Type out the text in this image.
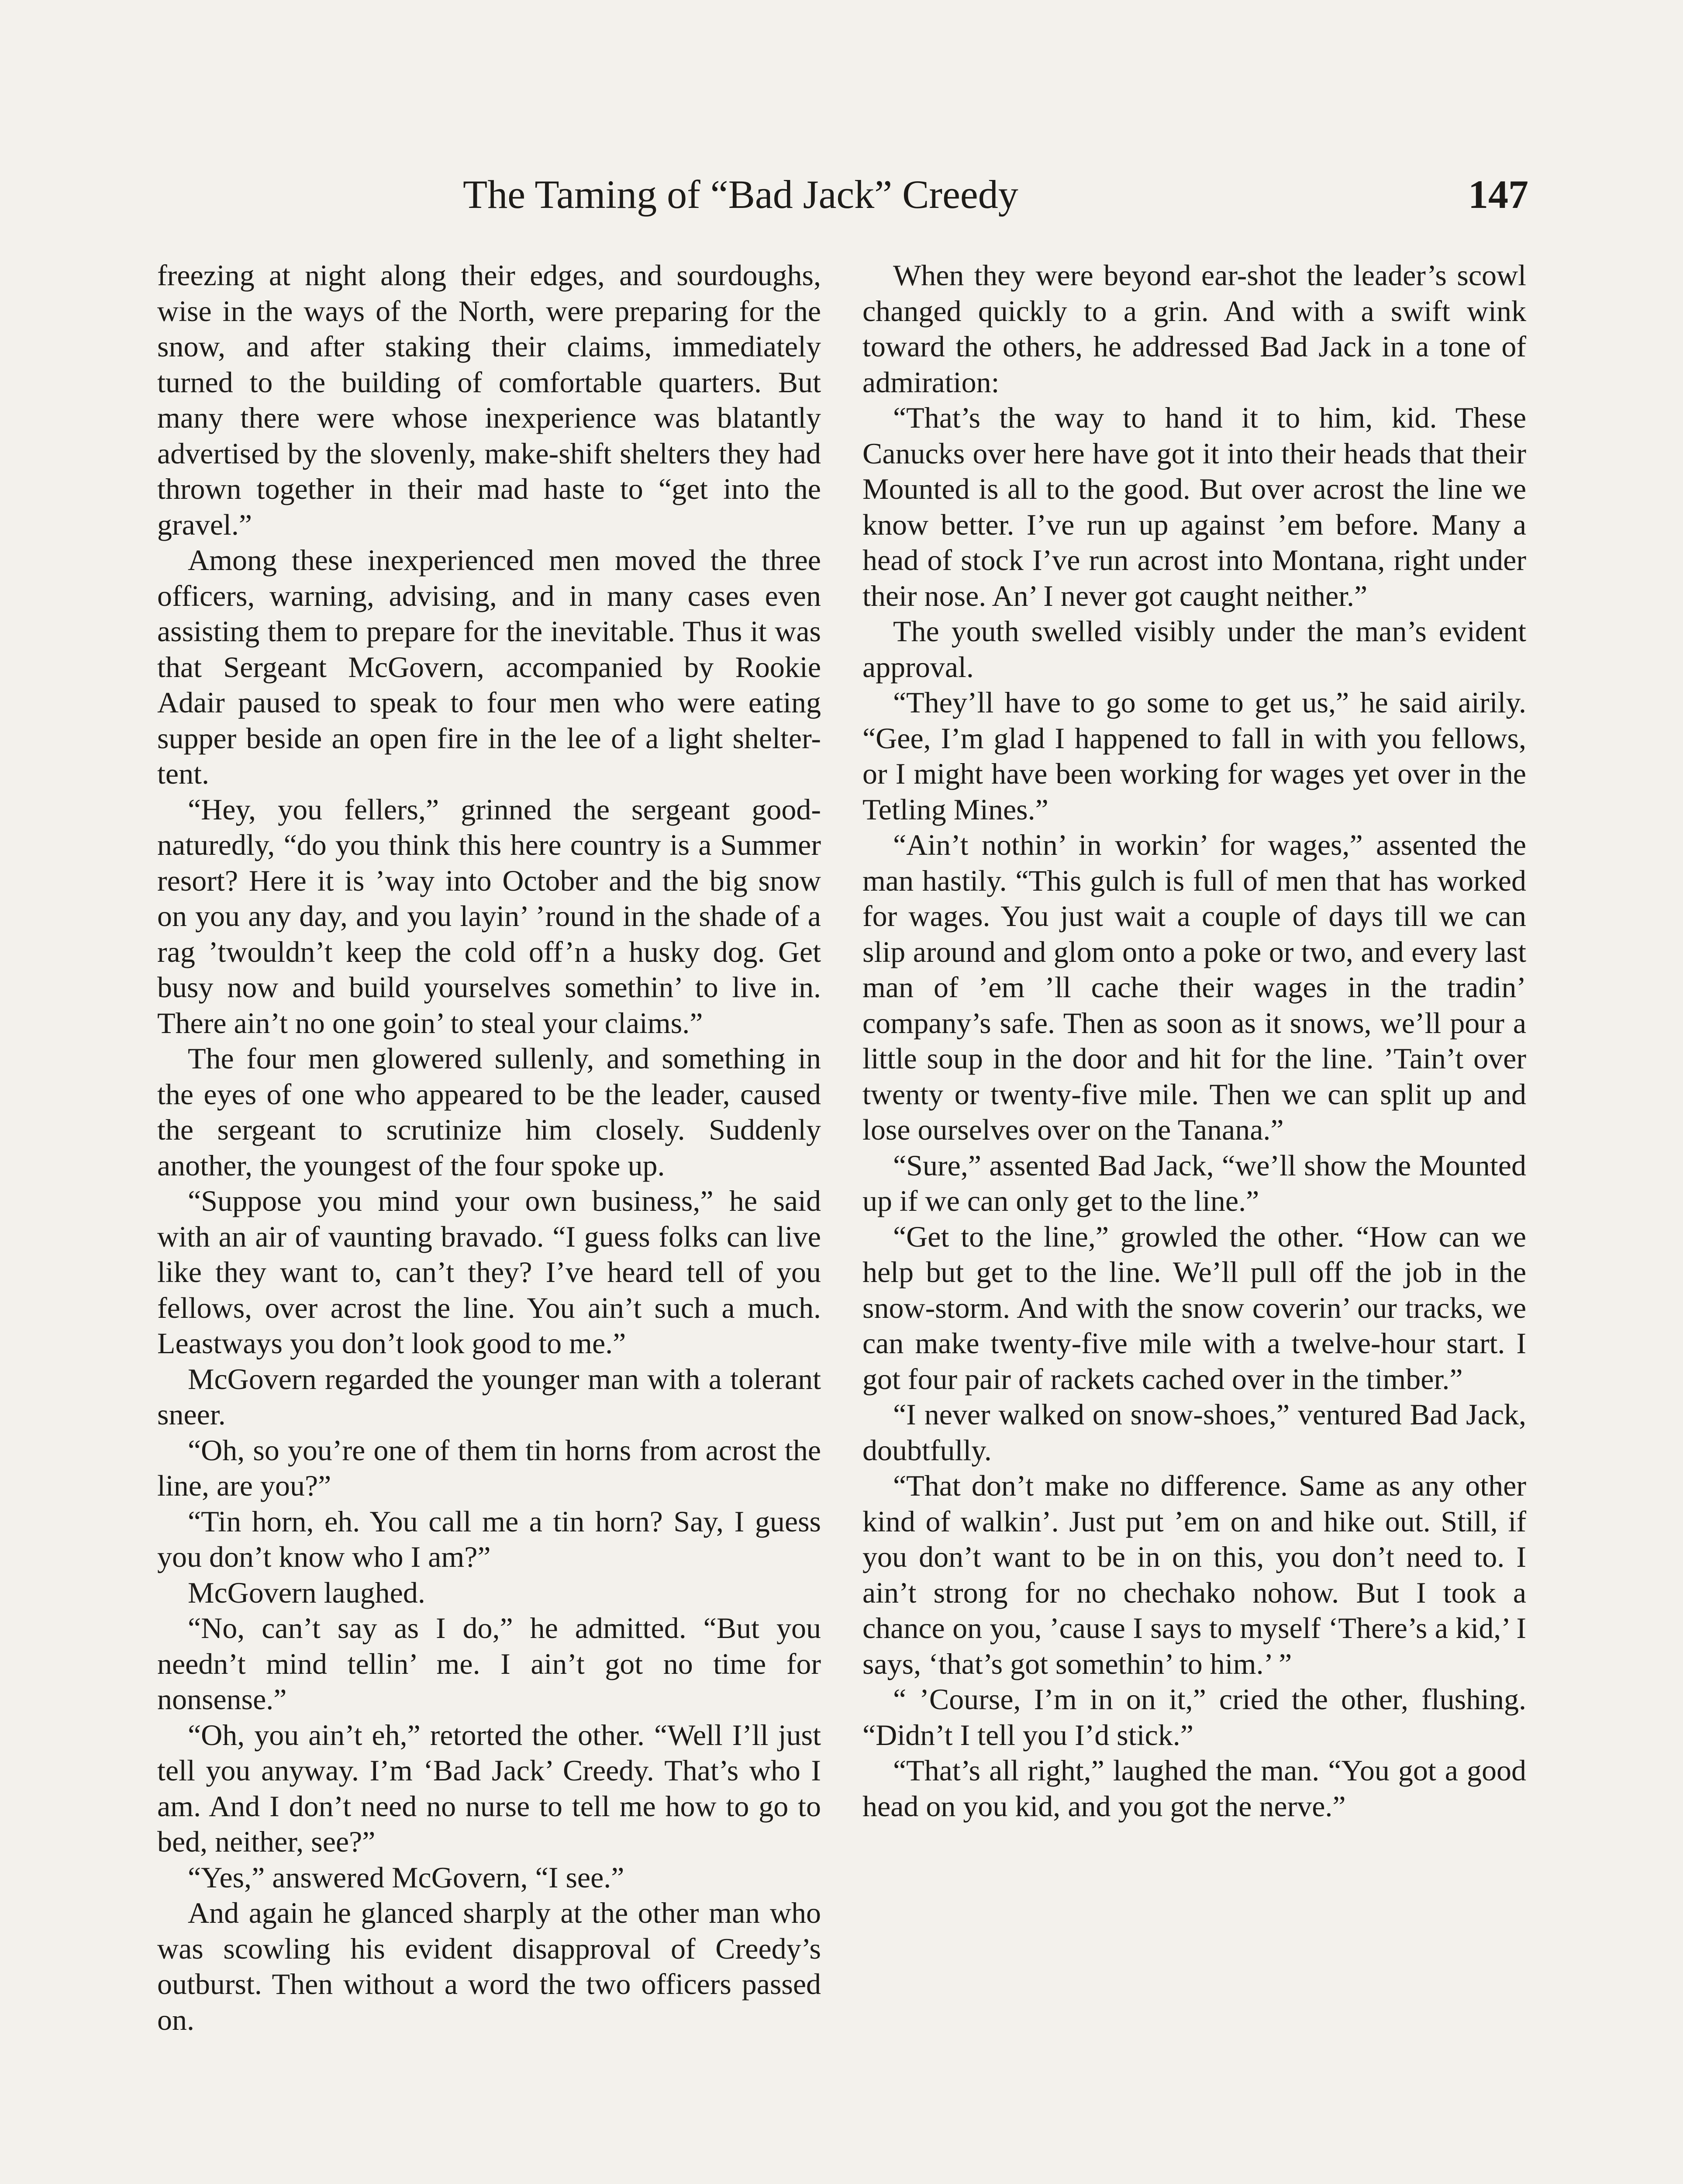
The Taming of “Bad Jack” Creedy	147

freezing at night along their edges, and sourdoughs, wise in the ways of the North, were preparing for the snow, and after staking their claims, immediately turned to the building of comfortable quarters. But many there were whose inexperience was blatantly advertised by the slovenly, make-shift shelters they had thrown together in their mad haste to “get into the gravel.”

Among these inexperienced men moved the three officers, warning, advising, and in many cases even assisting them to prepare for the inevitable. Thus it was that Sergeant McGovern, accompanied by Rookie Adair paused to speak to four men who were eating supper beside an open fire in the lee of a light shelter-tent.

“Hey, you fellers,” grinned the sergeant good-naturedly, “do you think this here country is a Summer resort? Here it is ’way into October and the big snow on you any day, and you layin’ ’round in the shade of a rag ’twouldn’t keep the cold off’n a husky dog. Get busy now and build yourselves somethin’ to live in. There ain’t no one goin’ to steal your claims.”

The four men glowered sullenly, and something in the eyes of one who appeared to be the leader, caused the sergeant to scrutinize him closely. Suddenly another, the youngest of the four spoke up.

“Suppose you mind your own business,” he said with an air of vaunting bravado. “I guess folks can live like they want to, can’t they? I’ve heard tell of you fellows, over acrost the line. You ain’t such a much. Leastways you don’t look good to me.”

McGovern regarded the younger man with a tolerant sneer.

“Oh, so you’re one of them tin horns from acrost the line, are you?”

“Tin horn, eh. You call me a tin horn? Say, I guess you don’t know who I am?”

McGovern laughed.

“No, can’t say as I do,” he admitted. “But you needn’t mind tellin’ me. I ain’t got no time for nonsense.”

“Oh, you ain’t eh,” retorted the other. “Well I’ll just tell you anyway. I’m ‘Bad Jack’ Creedy. That’s who I am. And I don’t need no nurse to tell me how to go to bed, neither, see?”

“Yes,” answered McGovern, “I see.”

And again he glanced sharply at the other man who was scowling his evident disapproval of Creedy’s outburst. Then without a word the two officers passed on.

When they were beyond ear-shot the leader’s scowl changed quickly to a grin. And with a swift wink toward the others, he addressed Bad Jack in a tone of admiration:

“That’s the way to hand it to him, kid. These Canucks over here have got it into their heads that their Mounted is all to the good. But over acrost the line we know better. I’ve run up against ’em before. Many a head of stock I’ve run acrost into Montana, right under their nose. An’ I never got caught neither.”

The youth swelled visibly under the man’s evident approval.

“They’ll have to go some to get us,” he said airily. “Gee, I’m glad I happened to fall in with you fellows, or I might have been working for wages yet over in the Tetling Mines.”

“Ain’t nothin’ in workin’ for wages,” assented the man hastily. “This gulch is full of men that has worked for wages. You just wait a couple of days till we can slip around and glom onto a poke or two, and every last man of ’em ’ll cache their wages in the tradin’ company’s safe. Then as soon as it snows, we’ll pour a little soup in the door and hit for the line. ’Tain’t over twenty or twenty-five mile. Then we can split up and lose ourselves over on the Tanana.”

“Sure,” assented Bad Jack, “we’ll show the Mounted up if we can only get to the line.”

“Get to the line,” growled the other. “How can we help but get to the line. We’ll pull off the job in the snow-storm. And with the snow coverin’ our tracks, we can make twenty-five mile with a twelve-hour start. I got four pair of rackets cached over in the timber.”

“I never walked on snow-shoes,” ventured Bad Jack, doubtfully.

“That don’t make no difference. Same as any other kind of walkin’. Just put ’em on and hike out. Still, if you don’t want to be in on this, you don’t need to. I ain’t strong for no chechako nohow. But I took a chance on you, ’cause I says to myself ‘There’s a kid,’ I says, ‘that’s got somethin’ to him.’ ”

“ ’Course, I’m in on it,” cried the other, flushing. “Didn’t I tell you I’d stick.”

“That’s all right,” laughed the man. “You got a good head on you kid, and you got the nerve.”
